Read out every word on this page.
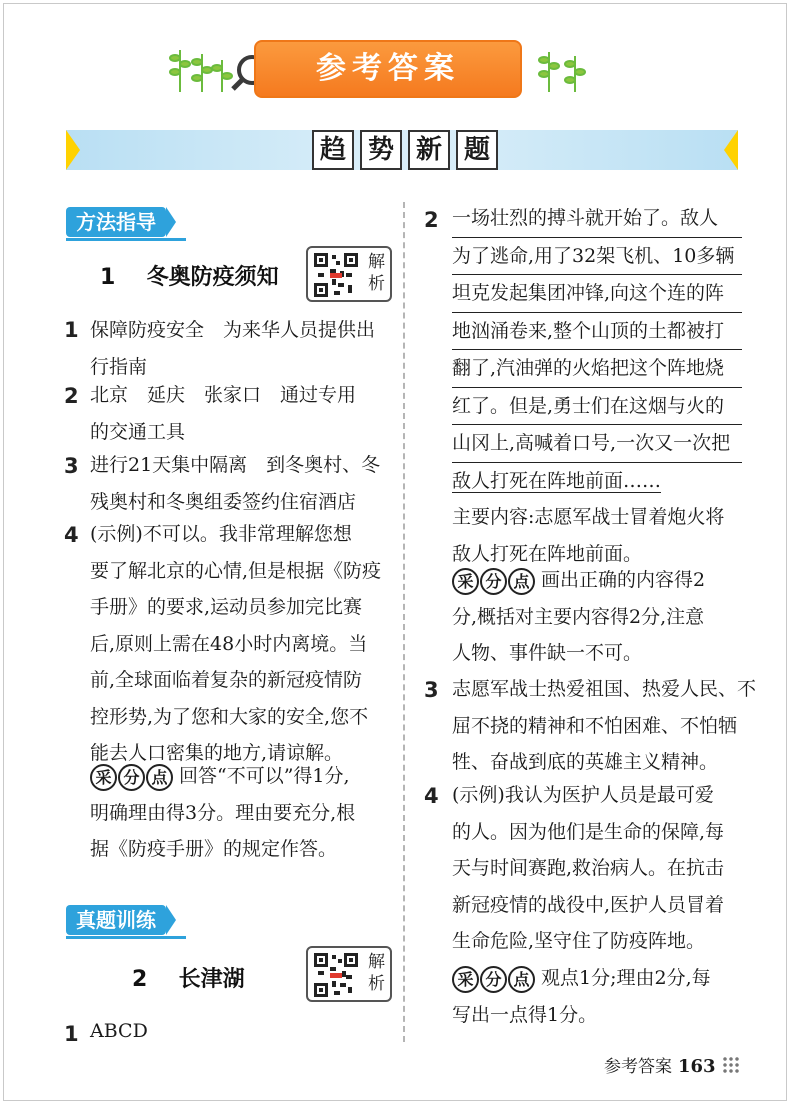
参考答案
趋 势 新 题
方法指导
1 冬奥防疫须知
解析
1 保障防疫安全　为来华人员提供出
行指南
2 北京　延庆　张家口　通过专用
的交通工具
3 进行21天集中隔离　到冬奥村、冬
残奥村和冬奥组委签约住宿酒店
4 (示例)不可以。我非常理解您想
要了解北京的心情,但是根据《防疫
手册》的要求,运动员参加完比赛
后,原则上需在48小时内离境。当
前,全球面临着复杂的新冠疫情防
控形势,为了您和大家的安全,您不
能去人口密集的地方,请谅解。
采 分 点 回答“不可以”得1分,
明确理由得3分。理由要充分,根
据《防疫手册》的规定作答。
真题训练
2 长津湖
解析
1 ABCD
2 一场壮烈的搏斗就开始了。敌人
为了逃命,用了32架飞机、10多辆
坦克发起集团冲锋,向这个连的阵
地汹涌卷来,整个山顶的土都被打
翻了,汽油弹的火焰把这个阵地烧
红了。但是,勇士们在这烟与火的
山冈上,高喊着口号,一次又一次把
敌人打死在阵地前面……
主要内容:志愿军战士冒着炮火将
敌人打死在阵地前面。
采 分 点 画出正确的内容得2
分,概括对主要内容得2分,注意
人物、事件缺一不可。
3 志愿军战士热爱祖国、热爱人民、不
屈不挠的精神和不怕困难、不怕牺
牲、奋战到底的英雄主义精神。
4 (示例)我认为医护人员是最可爱
的人。因为他们是生命的保障,每
天与时间赛跑,救治病人。在抗击
新冠疫情的战役中,医护人员冒着
生命危险,坚守住了防疫阵地。
采 分 点 观点1分;理由2分,每
写出一点得1分。
参考答案 163
